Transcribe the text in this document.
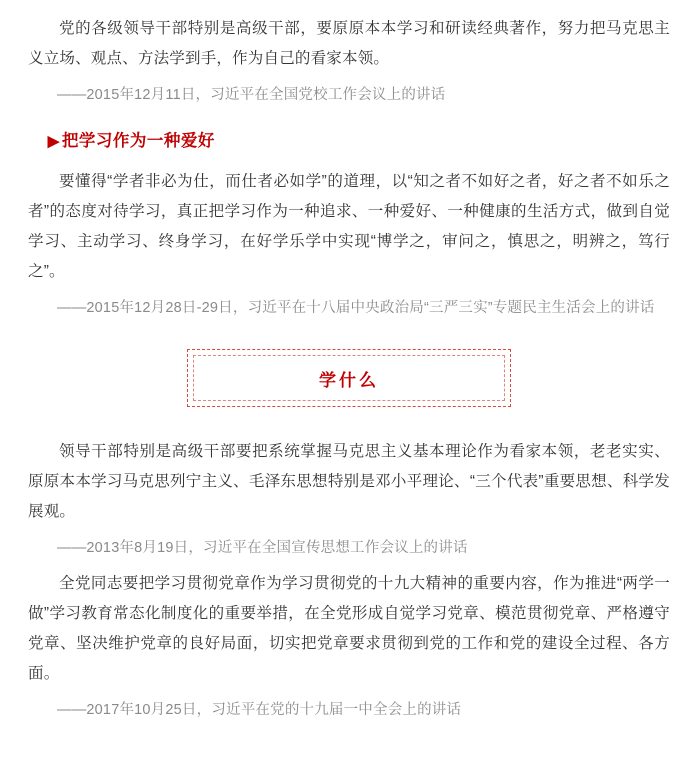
党的各级领导干部特别是高级干部，要原原本本学习和研读经典著作，努力把马克思主义立场、观点、方法学到手，作为自己的看家本领。

——2015年12月11日，习近平在全国党校工作会议上的讲话

▶ 把学习作为一种爱好

要懂得“学者非必为仕，而仕者必如学”的道理，以“知之者不如好之者，好之者不如乐之者”的态度对待学习，真正把学习作为一种追求、一种爱好、一种健康的生活方式，做到自觉学习、主动学习、终身学习，在好学乐学中实现“博学之，审问之，慎思之，明辨之，笃行之”。

——2015年12月28日-29日，习近平在十八届中央政治局“三严三实”专题民主生活会上的讲话

学什么

领导干部特别是高级干部要把系统掌握马克思主义基本理论作为看家本领，老老实实、原原本本学习马克思列宁主义、毛泽东思想特别是邓小平理论、“三个代表”重要思想、科学发展观。

——2013年8月19日，习近平在全国宣传思想工作会议上的讲话

全党同志要把学习贯彻党章作为学习贯彻党的十九大精神的重要内容，作为推进“两学一做”学习教育常态化制度化的重要举措，在全党形成自觉学习党章、模范贯彻党章、严格遵守党章、坚决维护党章的良好局面，切实把党章要求贯彻到党的工作和党的建设全过程、各方面。

——2017年10月25日，习近平在党的十九届一中全会上的讲话
